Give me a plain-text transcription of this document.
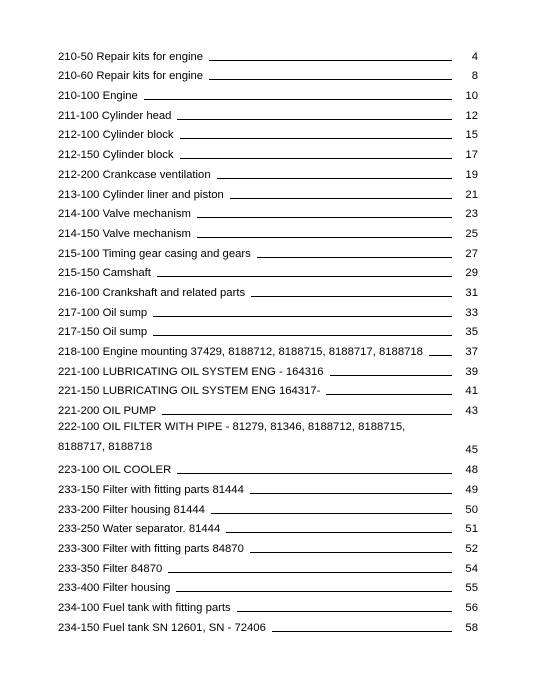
210-50 Repair kits for engine	4
210-60 Repair kits for engine	8
210-100 Engine	10
211-100 Cylinder head	12
212-100 Cylinder block	15
212-150 Cylinder block	17
212-200 Crankcase ventilation	19
213-100 Cylinder liner and piston	21
214-100 Valve mechanism	23
214-150 Valve mechanism	25
215-100 Timing gear casing and gears	27
215-150 Camshaft	29
216-100 Crankshaft and related parts	31
217-100 Oil sump	33
217-150 Oil sump	35
218-100 Engine mounting 37429, 8188712, 8188715, 8188717, 8188718	37
221-100 LUBRICATING OIL SYSTEM ENG - 164316	39
221-150 LUBRICATING OIL SYSTEM ENG 164317-	41
221-200 OIL PUMP	43
222-100 OIL FILTER WITH PIPE - 81279, 81346, 8188712, 8188715, 8188717, 8188718	45
223-100 OIL COOLER	48
233-150 Filter with fitting parts 81444	49
233-200 Filter housing 81444	50
233-250 Water separator. 81444	51
233-300 Filter with fitting parts 84870	52
233-350 Filter 84870	54
233-400 Filter housing	55
234-100 Fuel tank with fitting parts	56
234-150 Fuel tank SN 12601, SN - 72406	58
